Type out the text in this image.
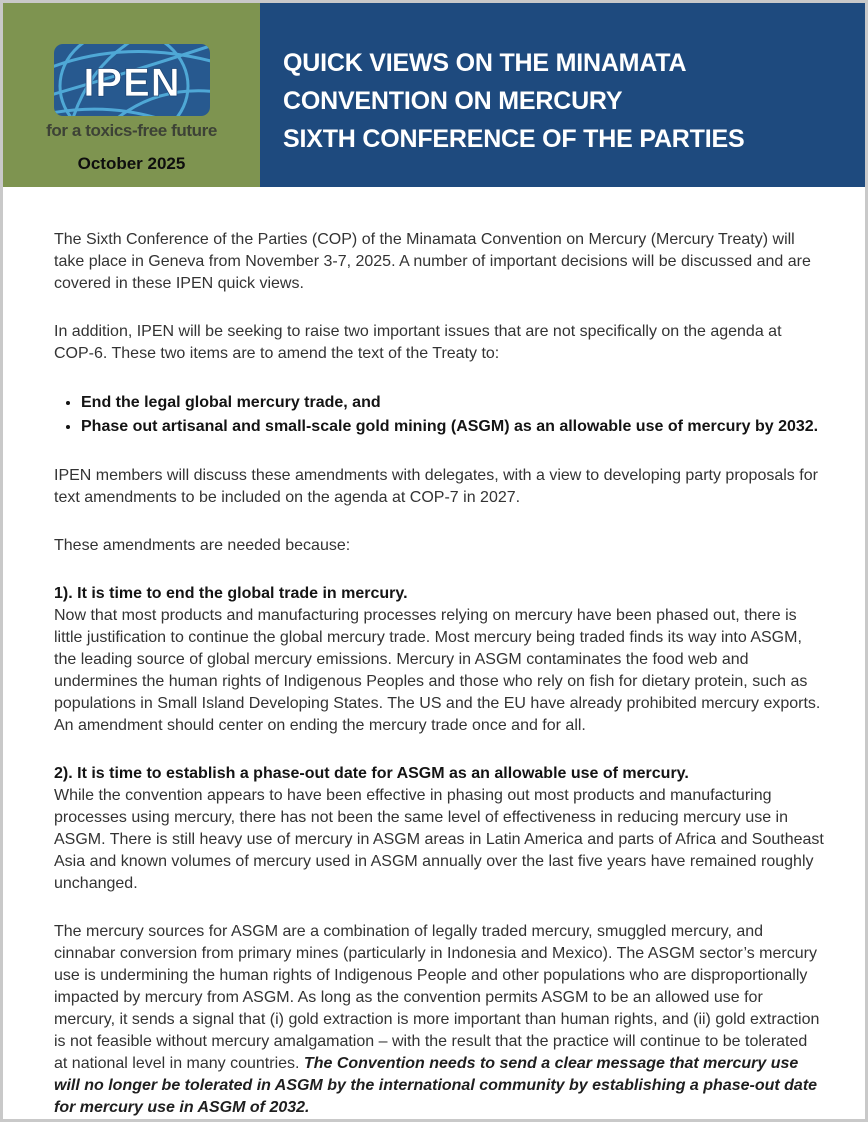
IPEN
for a toxics-free future
October 2025
QUICK VIEWS ON THE MINAMATA
CONVENTION ON MERCURY
SIXTH CONFERENCE OF THE PARTIES

The Sixth Conference of the Parties (COP) of the Minamata Convention on Mercury (Mercury Treaty) will take place in Geneva from November 3-7, 2025. A number of important decisions will be discussed and are covered in these IPEN quick views.

In addition, IPEN will be seeking to raise two important issues that are not specifically on the agenda at COP-6. These two items are to amend the text of the Treaty to:

• End the legal global mercury trade, and
• Phase out artisanal and small-scale gold mining (ASGM) as an allowable use of mercury by 2032.

IPEN members will discuss these amendments with delegates, with a view to developing party proposals for text amendments to be included on the agenda at COP-7 in 2027.

These amendments are needed because:

1). It is time to end the global trade in mercury.

Now that most products and manufacturing processes relying on mercury have been phased out, there is little justification to continue the global mercury trade. Most mercury being traded finds its way into ASGM, the leading source of global mercury emissions. Mercury in ASGM contaminates the food web and undermines the human rights of Indigenous Peoples and those who rely on fish for dietary protein, such as populations in Small Island Developing States. The US and the EU have already prohibited mercury exports. An amendment should center on ending the mercury trade once and for all.

2). It is time to establish a phase-out date for ASGM as an allowable use of mercury.

While the convention appears to have been effective in phasing out most products and manufacturing processes using mercury, there has not been the same level of effectiveness in reducing mercury use in ASGM. There is still heavy use of mercury in ASGM areas in Latin America and parts of Africa and Southeast Asia and known volumes of mercury used in ASGM annually over the last five years have remained roughly unchanged.

The mercury sources for ASGM are a combination of legally traded mercury, smuggled mercury, and cinnabar conversion from primary mines (particularly in Indonesia and Mexico). The ASGM sector’s mercury use is undermining the human rights of Indigenous People and other populations who are disproportionally impacted by mercury from ASGM. As long as the convention permits ASGM to be an allowed use for mercury, it sends a signal that (i) gold extraction is more important than human rights, and (ii) gold extraction is not feasible without mercury amalgamation – with the result that the practice will continue to be tolerated at national level in many countries. The Convention needs to send a clear message that mercury use will no longer be tolerated in ASGM by the international community by establishing a phase-out date for mercury use in ASGM of 2032.
